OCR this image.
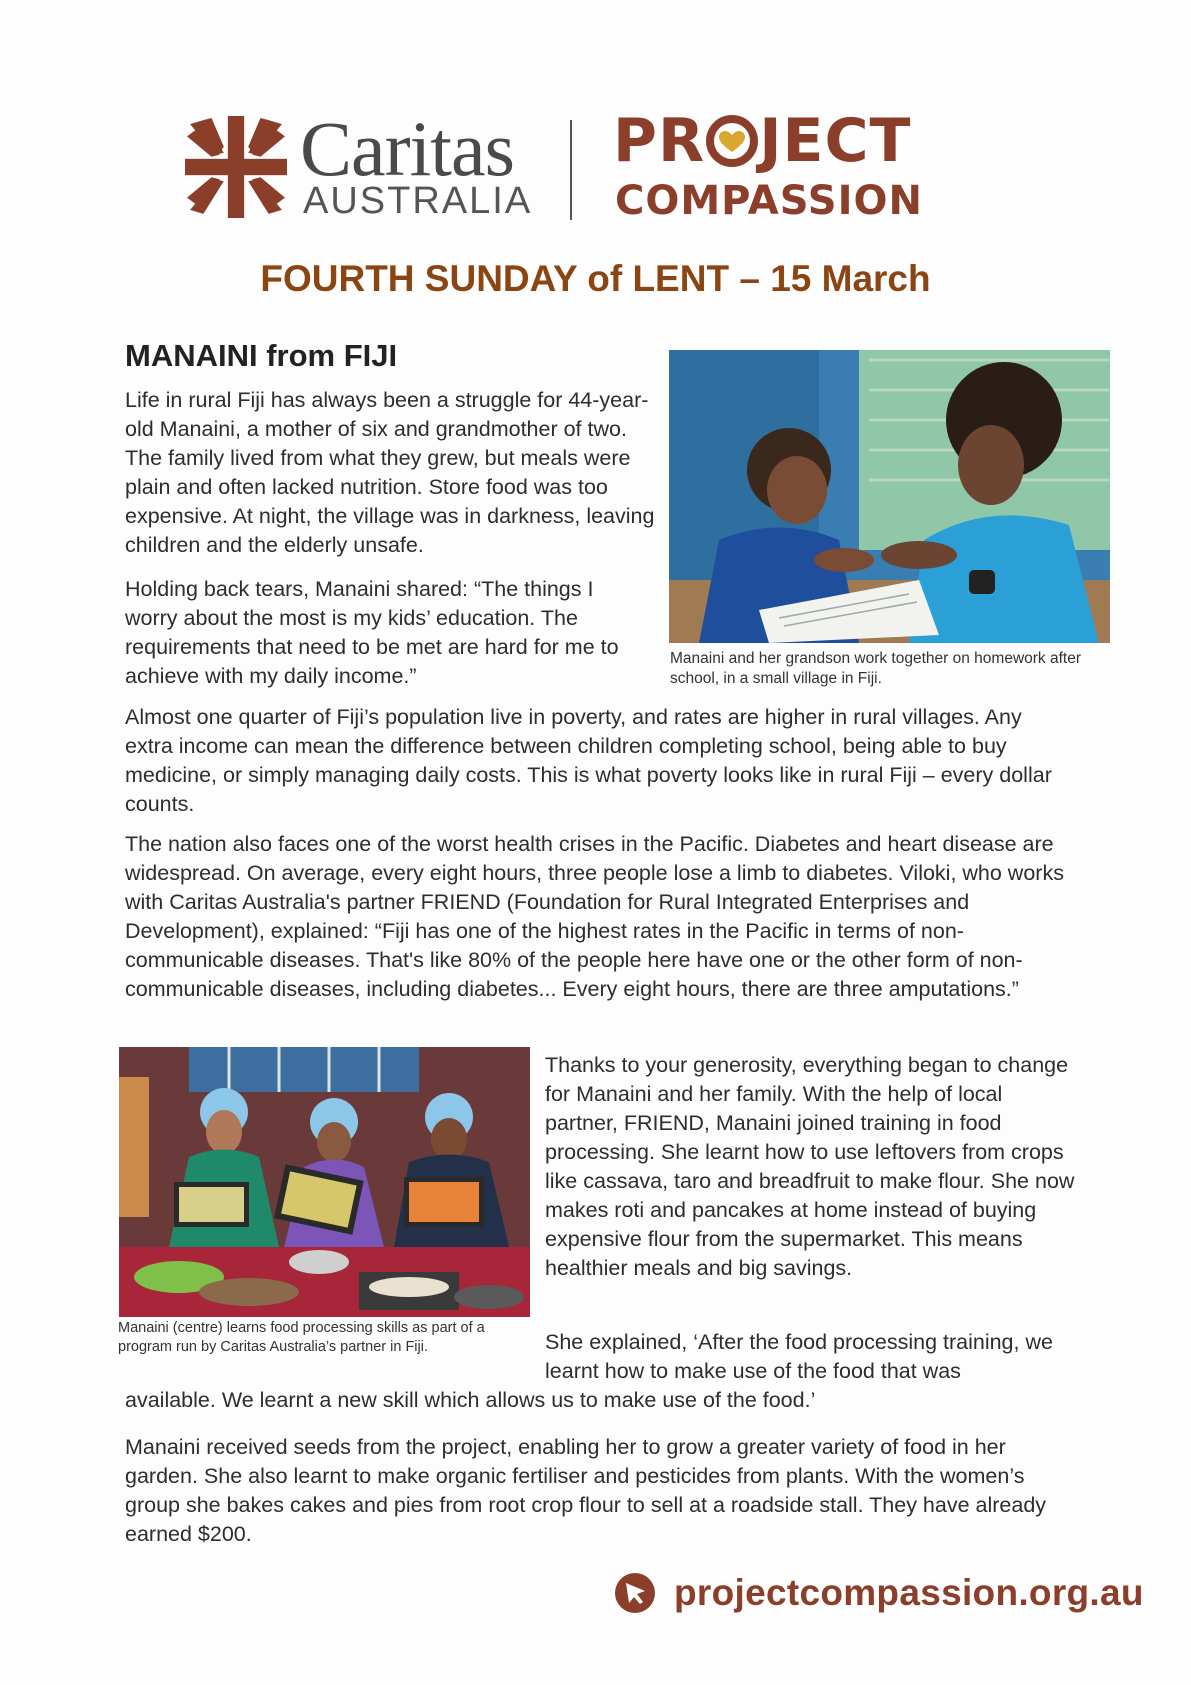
Caritas
AUSTRALIA
PR JECT
COMPASSION
FOURTH SUNDAY of LENT – 15 March
MANAINI from FIJI

Life in rural Fiji has always been a struggle for 44-year-old Manaini, a mother of six and grandmother of two. The family lived from what they grew, but meals were plain and often lacked nutrition. Store food was too expensive. At night, the village was in darkness, leaving children and the elderly unsafe.

Holding back tears, Manaini shared: “The things I worry about the most is my kids’ education. The requirements that need to be met are hard for me to achieve with my daily income.”

Manaini and her grandson work together on homework after school, in a small village in Fiji.

Almost one quarter of Fiji’s population live in poverty, and rates are higher in rural villages. Any extra income can mean the difference between children completing school, being able to buy medicine, or simply managing daily costs. This is what poverty looks like in rural Fiji – every dollar counts.

The nation also faces one of the worst health crises in the Pacific. Diabetes and heart disease are widespread. On average, every eight hours, three people lose a limb to diabetes. Viloki, who works with Caritas Australia's partner FRIEND (Foundation for Rural Integrated Enterprises and Development), explained: “Fiji has one of the highest rates in the Pacific in terms of non-communicable diseases. That's like 80% of the people here have one or the other form of non-communicable diseases, including diabetes... Every eight hours, there are three amputations.”

Manaini (centre) learns food processing skills as part of a program run by Caritas Australia’s partner in Fiji.

Thanks to your generosity, everything began to change for Manaini and her family. With the help of local partner, FRIEND, Manaini joined training in food processing. She learnt how to use leftovers from crops like cassava, taro and breadfruit to make flour. She now makes roti and pancakes at home instead of buying expensive flour from the supermarket. This means healthier meals and big savings.

She explained, ‘After the food processing training, we learnt how to make use of the food that was

available. We learnt a new skill which allows us to make use of the food.’

Manaini received seeds from the project, enabling her to grow a greater variety of food in her garden. She also learnt to make organic fertiliser and pesticides from plants. With the women’s group she bakes cakes and pies from root crop flour to sell at a roadside stall. They have already earned $200.

projectcompassion.org.au
